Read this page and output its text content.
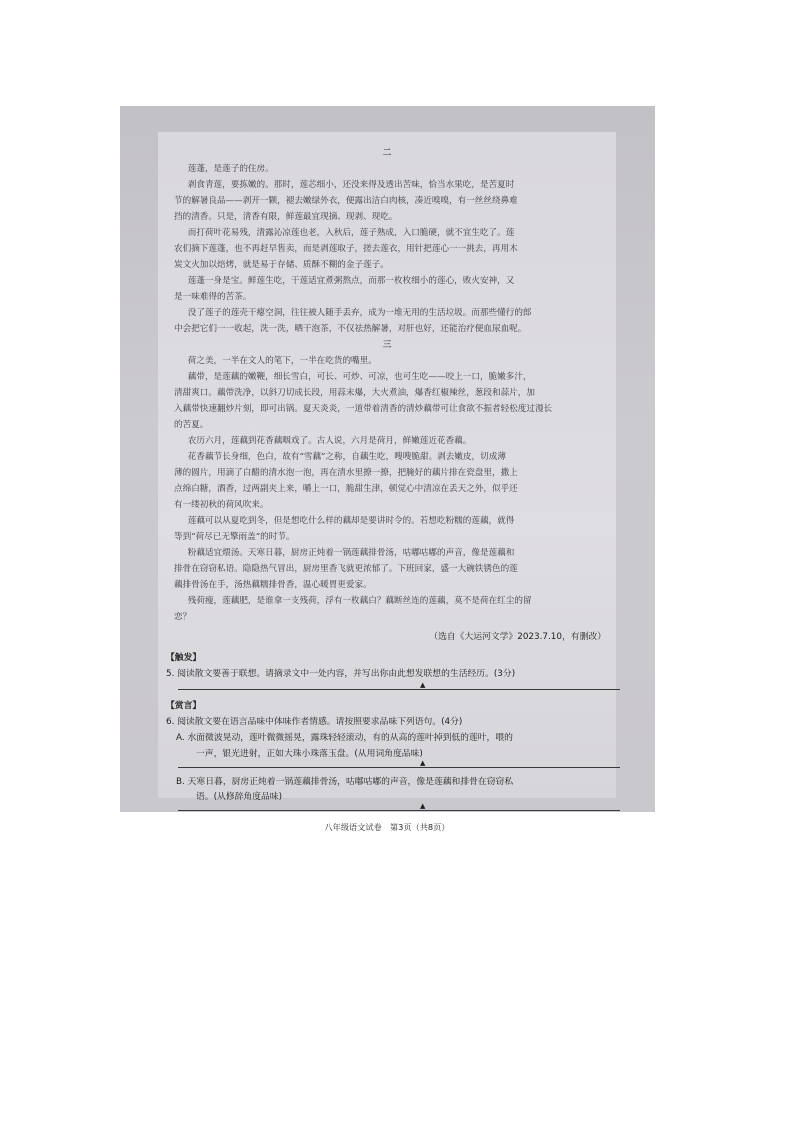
二
莲蓬，是莲子的住房。
剥食青莲，要拣嫩的。那时，莲芯细小，还没来得及透出苦味，恰当水果吃，是苦夏时
节的解暑良品——剥开一颗，褪去嫩绿外衣，便露出洁白肉核，凑近嗅嗅，有一丝丝绕鼻难
挡的清香。只是，清香有限，鲜莲最宜现摘、现剥、现吃。
而打荷叶花易残，清露沁凉莲也老，入秋后，莲子熟成，入口脆硬，就不宜生吃了。莲
农们摘下莲蓬，也不再赶早售卖，而是剥莲取子，搓去莲衣，用针把莲心一一挑去，再用木
炭文火加以焙烤，就是易于存储、质酥不糊的金子莲子。
莲蓬一身是宝。鲜莲生吃，干莲适宜煮粥熬点，而那一枚枚细小的莲心，败火安神，又
是一味难得的苦茶。
没了莲子的莲壳干瘪空洞，往往被人随手丢弃，成为一堆无用的生活垃圾。而那些懂行的郎
中会把它们一一收起，洗一洗，晒干泡茶，不仅祛热解暑，对肝也好，还能治疗便血尿血呢。
三
荷之美，一半在文人的笔下，一半在吃货的嘴里。
藕带，是莲藕的嫩鞭，细长雪白，可长、可炒、可凉，也可生吃——咬上一口，脆嫩多汁，
清甜爽口。藕带洗净，以斜刀切成长段，用蒜末爆，大火煮油，爆香红椒辣丝，葱段和蒜片，加
入藕带快速翻炒片刻，即可出锅。夏天炎炎，一道带着清香的清炒藕带可让食欲不振者轻松度过漫长
的苦夏。
农历六月，莲藕到花香藕咽戏了。古人说，六月是荷月，鲜嫩莲近花香藕。
花香藕节长身细，色白，故有“雪藕”之称，自藕生吃，嗖嗖脆甜。剥去嫩皮，切成薄
薄的圆片，用滴了白醋的清水泡一泡，再在清水里撩一撩，把腌好的藕片排在瓷盘里，撒上
点绵白糖，酒香，过两副夹上来，嚼上一口，脆甜生津，顿觉心中清凉在丢天之外，似乎还
有一缕初秋的荷风吹来。
莲藕可以从夏吃到冬，但是想吃什么样的藕却是要讲时令的。若想吃粉糯的莲藕，就得
等到“荷尽已无擎雨盖”的时节。
粉藕适宜煨汤。天寒日暮，厨房正炖着一锅莲藕排骨汤，咕嘟咕嘟的声音，像是莲藕和
排骨在窃窃私语。隐隐热气冒出，厨房里香飞就更浓郁了。下班回家，盛一大碗铁锈色的莲
藕排骨汤在手，汤热藕糯排骨香，温心暖胃更爱家。
残荷瘦，莲藕肥，是谁拿一支残荷，浮有一枚藕白？藕断丝连的莲藕，莫不是荷在红尘的留
恋？
（选自《大运河文学》2023.7.10，有删改）
【触发】
5. 阅读散文要善于联想。请摘录文中一处内容，并写出你由此想发联想的生活经历。(3分)
▲
【赏言】
6. 阅读散文要在语言品味中体味作者情感。请按照要求品味下列语句。(4分)
A. 水面微波晃动，莲叶微微摇晃，露珠轻轻滚动，有的从高的莲叶掉到低的莲叶，喂的
一声，银光进射，正如大珠小珠落玉盘。(从用词角度品味)
▲
B. 天寒日暮，厨房正炖着一锅莲藕排骨汤，咕嘟咕嘟的声音，像是莲藕和排骨在窃窃私
语。(从修辞角度品味)
▲
八年级语文试卷　第3页（共8页）
